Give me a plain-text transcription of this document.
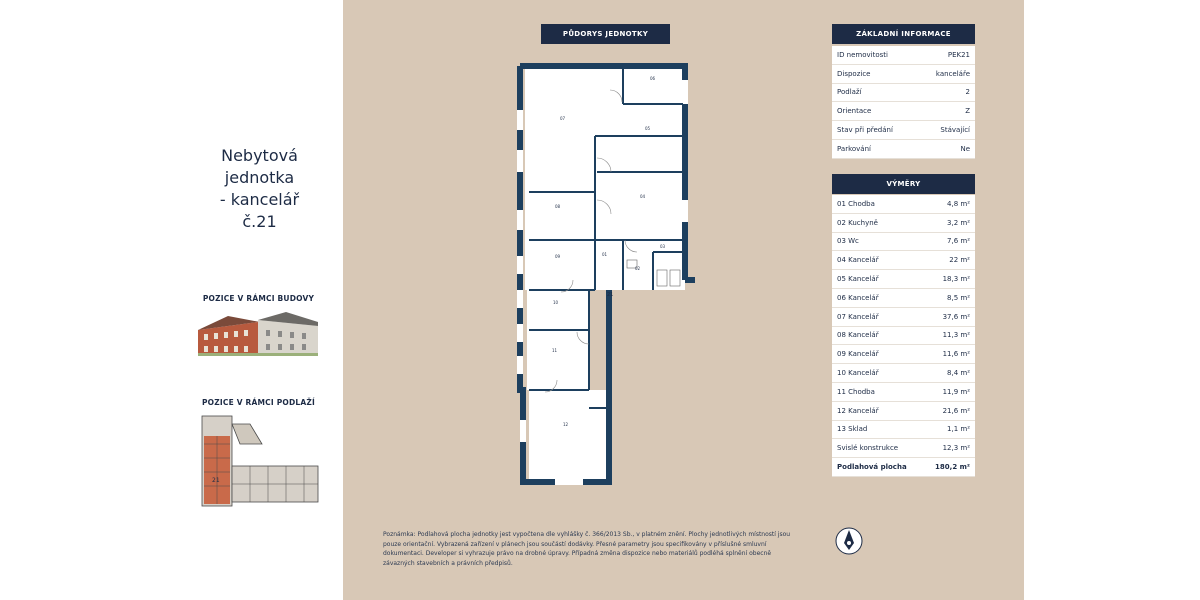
Nebytová
jednotka
- kancelář
č.21
POZICE V RÁMCI BUDOVY
POZICE V RÁMCI PODLAŽÍ
21
PŮDORYS JEDNOTKY
07
06
05
04
08
03
09	01
02
10
11
12
21
ZÁKLADNÍ INFORMACE
ID nemovitosti	PEK21
Dispozice	kanceláře
Podlaží	2
Orientace	Z
Stav při předání	Stávající
Parkování	Ne
VÝMĚRY
01 Chodba	4,8 m²
02 Kuchyně	3,2 m²
03 Wc	7,6 m²
04 Kancelář	22 m²
05 Kancelář	18,3 m²
06 Kancelář	8,5 m²
07 Kancelář	37,6 m²
08 Kancelář	11,3 m²
09 Kancelář	11,6 m²
10 Kancelář	8,4 m²
11 Chodba	11,9 m²
12 Kancelář	21,6 m²
13 Sklad	1,1 m²
Svislé konstrukce	12,3 m²
Podlahová plocha	180,2 m²
Poznámka: Podlahová plocha jednotky jest vypočtena dle vyhlášky č. 366/2013 Sb., v platném znění. Plochy jednotlivých místností jsou pouze orientační. Vybrazená zařízení v plánech jsou součástí dodávky. Přesné parametry jsou specifikovány v příslušné smluvní dokumentaci. Developer si vyhrazuje právo na drobné úpravy. Případná změna dispozice nebo materiálů podléhá splnění obecně závazných stavebních a právních předpisů.
